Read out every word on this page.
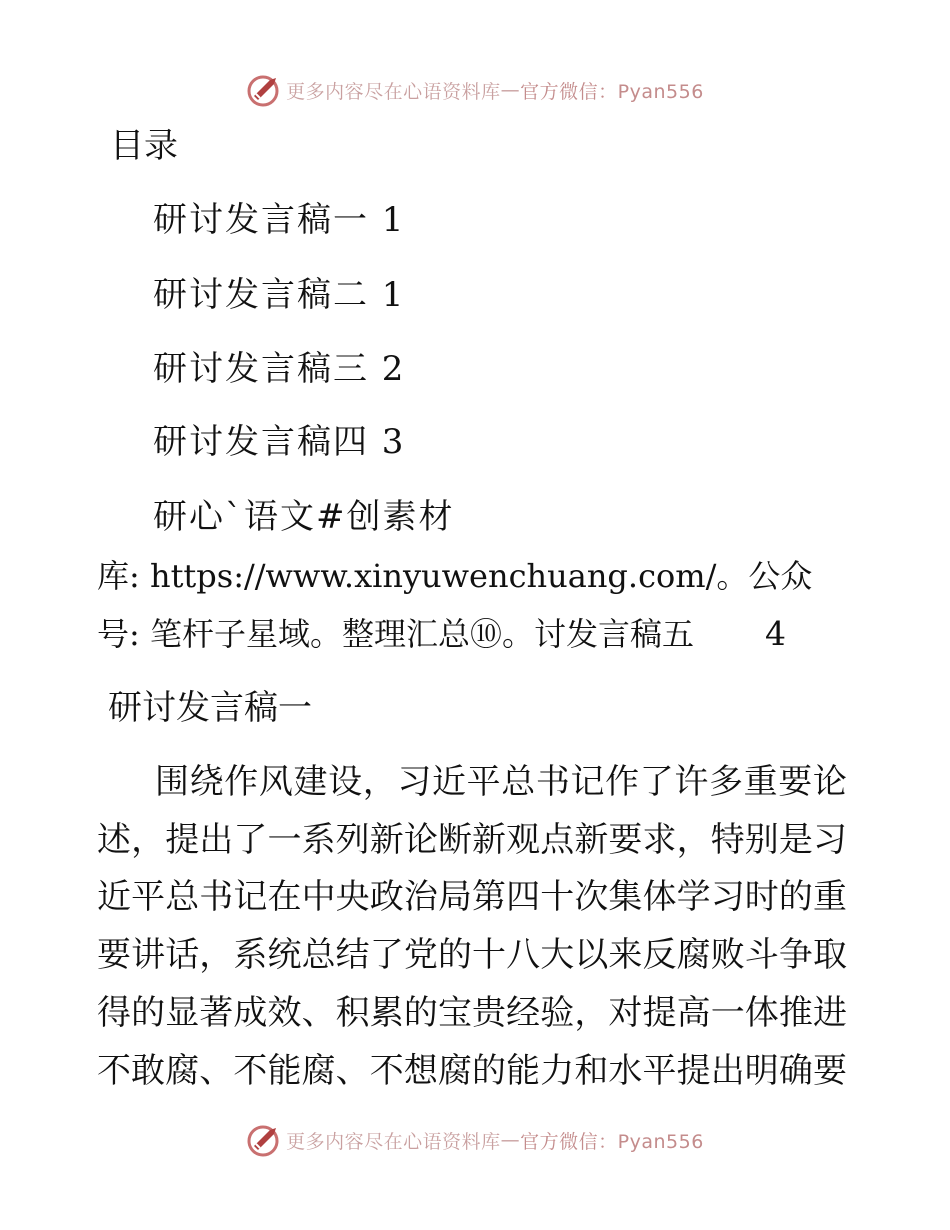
更多内容尽在心语资料库 — 官方微信：Pyan556
目录
研讨发言稿一 1
研讨发言稿二 1
研讨发言稿三 2
研讨发言稿四 3
研心`语文#创素材
库: https://www.xinyuwenchuang.com/。公众
号: 笔杆子星域。整理汇总⑩。讨发言稿五 4
研讨发言稿一
围 绕 作 风 建 设 ， 习 近 平 总 书 记 作 了 许 多 重 要 论
述 ， 提 出 了 一 系 列 新 论 断 新 观 点 新 要 求 ， 特 别 是 习
近 平 总 书 记 在 中 央 政 治 局 第 四 十 次 集 体 学 习 时 的 重
要 讲 话 ， 系 统 总 结 了 党 的 十 八 大 以 来 反 腐 败 斗 争 取
得 的 显 著 成 效 、 积 累 的 宝 贵 经 验 ， 对 提 高 一 体 推 进
不 敢 腐 、 不 能 腐 、 不 想 腐 的 能 力 和 水 平 提 出 明 确 要
更多内容尽在心语资料库 — 官方微信：Pyan556
